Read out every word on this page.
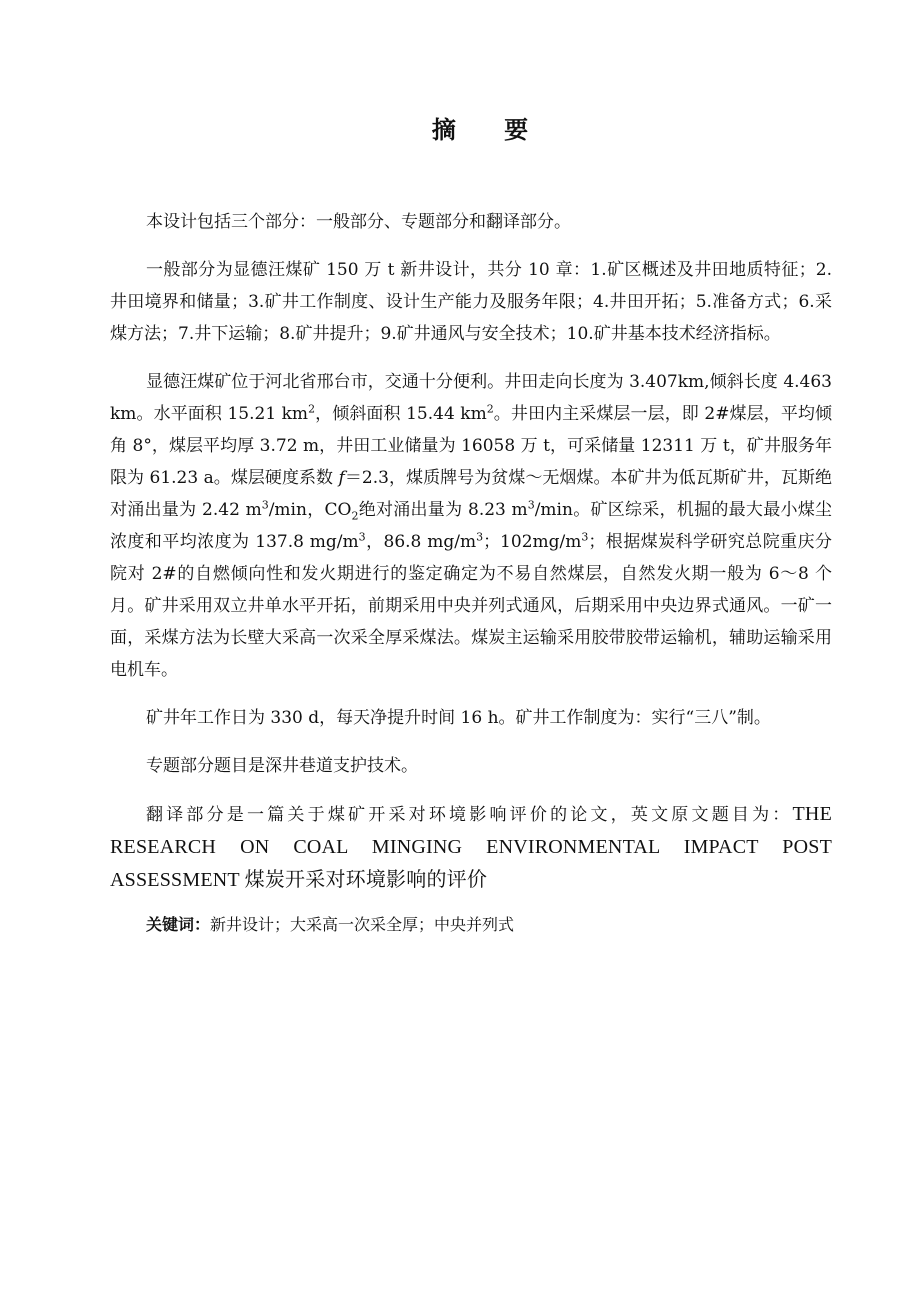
摘 要

本设计包括三个部分：一般部分、专题部分和翻译部分。

一般部分为显德汪煤矿 150 万 t 新井设计，共分 10 章：1.矿区概述及井田地质特征；2.井田境界和储量；3.矿井工作制度、设计生产能力及服务年限；4.井田开拓；5.准备方式；6.采煤方法；7.井下运输；8.矿井提升；9.矿井通风与安全技术；10.矿井基本技术经济指标。

显德汪煤矿位于河北省邢台市，交通十分便利。井田走向长度为 3.407km,倾斜长度 4.463 km。水平面积 15.21 $km^2$，倾斜面积 15.44 $km^2$。井田内主采煤层一层，即 2#煤层，平均倾角 8°，煤层平均厚 3.72 m，井田工业储量为 16058 万 t，可采储量 12311 万 t，矿井服务年限为 61.23 a。煤层硬度系数 f＝2.3，煤质牌号为贫煤～无烟煤。本矿井为低瓦斯矿井，瓦斯绝对涌出量为 2.42 $m^3/\min$，$CO_2$绝对涌出量为 8.23 $m^3/\min$。矿区综采，机掘的最大最小煤尘浓度和平均浓度为 137.8 $mg/m^3$，86.8 $mg/m^3$；$102mg/m^3$；根据煤炭科学研究总院重庆分院对 2#的自燃倾向性和发火期进行的鉴定确定为不易自然煤层，自然发火期一般为 6～8 个月。矿井采用双立井单水平开拓，前期采用中央并列式通风，后期采用中央边界式通风。一矿一面，采煤方法为长壁大采高一次采全厚采煤法。煤炭主运输采用胶带胶带运输机，辅助运输采用电机车。

矿井年工作日为 330 d，每天净提升时间 16 h。矿井工作制度为：实行“三八”制。

专题部分题目是深井巷道支护技术。

翻译部分是一篇关于煤矿开采对环境影响评价的论文，英文原文题目为：THE RESEARCH ON COAL MINGING ENVIRONMENTAL IMPACT POST ASSESSMENT 煤炭开采对环境影响的评价

关键词：新井设计；大采高一次采全厚；中央并列式
